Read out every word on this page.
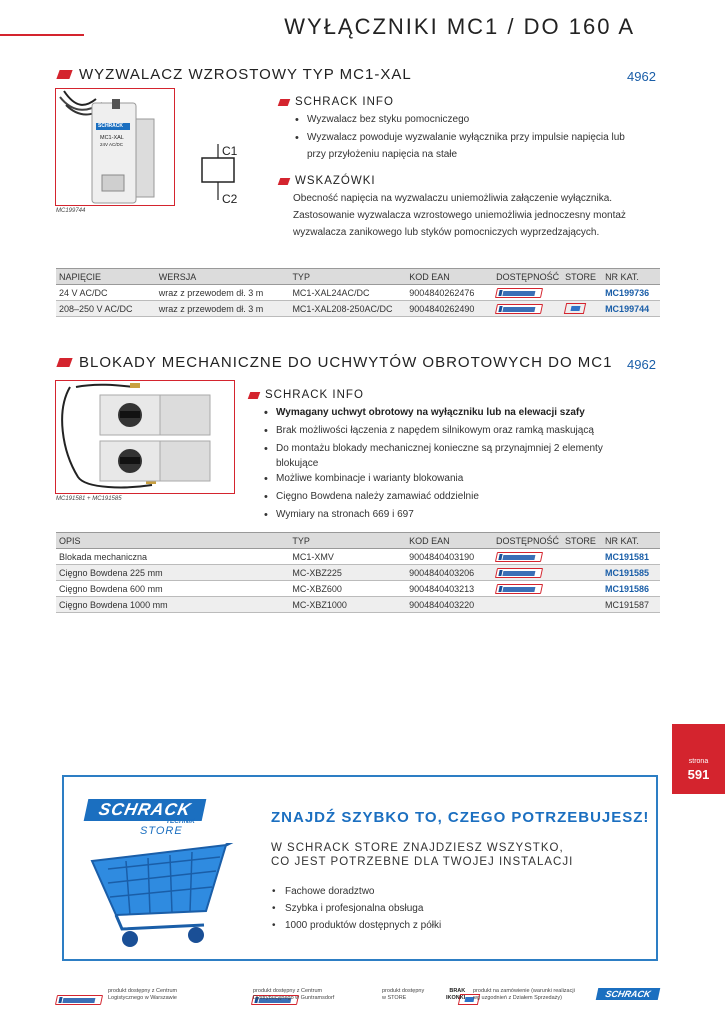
WYŁĄCZNIKI MC1 / DO 160 A
WYZWALACZ WZROSTOWY TYP MC1-XAL	4962
SCHRACK
MC1-XAL
24V AC/DC
MC199744
C1
C2
SCHRACK INFO
• Wyzwalacz bez styku pomocniczego
• Wyzwalacz powoduje wyzwalanie wyłącznika przy impulsie napięcia lub
przy przyłożeniu napięcia na stałe
WSKAZÓWKI
Obecność napięcia na wyzwalaczu uniemożliwia załączenie wyłącznika.
Zastosowanie wyzwalacza wzrostowego uniemożliwia jednoczesny montaż
wyzwalacza zanikowego lub styków pomocniczych wyprzedzających.
NAPIĘCIE	WERSJA	TYP	KOD EAN	DOSTĘPNOŚĆ	STORE	NR KAT.
24 V AC/DC	wraz z przewodem dł. 3 m	MC1-XAL24AC/DC	9004840262476			MC199736
208–250 V AC/DC	wraz z przewodem dł. 3 m	MC1-XAL208-250AC/DC	9004840262490			MC199744
BLOKADY MECHANICZNE DO UCHWYTÓW OBROTOWYCH DO MC1 4962
MC191581 + MC191585
SCHRACK INFO
• Wymagany uchwyt obrotowy na wyłączniku lub na elewacji szafy
• Brak możliwości łączenia z napędem silnikowym oraz ramką maskującą
• Do montażu blokady mechanicznej konieczne są przynajmniej 2 elementy
blokujące
• Możliwe kombinacje i warianty blokowania
• Cięgno Bowdena należy zamawiać oddzielnie
• Wymiary na stronach 669 i 697
OPIS	TYP	KOD EAN	DOSTĘPNOŚĆ	STORE	NR KAT.
Blokada mechaniczna	MC1-XMV	9004840403190			MC191581
Cięgno Bowdena 225 mm	MC-XBZ225	9004840403206			MC191585
Cięgno Bowdena 600 mm	MC-XBZ600	9004840403213			MC191586
Cięgno Bowdena 1000 mm	MC-XBZ1000	9004840403220			MC191587
strona
591
SCHRACK
TECHNIK
STORE
ZNAJDŹ SZYBKO TO, CZEGO POTRZEBUJESZ!
W SCHRACK STORE ZNAJDZIESZ WSZYSTKO,
CO JEST POTRZEBNE DLA TWOJEJ INSTALACJI
• Fachowe doradztwo
• Szybka i profesjonalna obsługa
• 1000 produktów dostępnych z półki

produkt dostępny z Centrum
Logistycznego w Warszawie

produkt dostępny z Centrum
Dystrybucyjnego w Guntramsdorf
produkt dostępny
w STORE
BRAK
IKONKI
produkt na zamówienie (warunki realizacji
wg uzgodnień z Działem Sprzedaży)	SCHRACK
